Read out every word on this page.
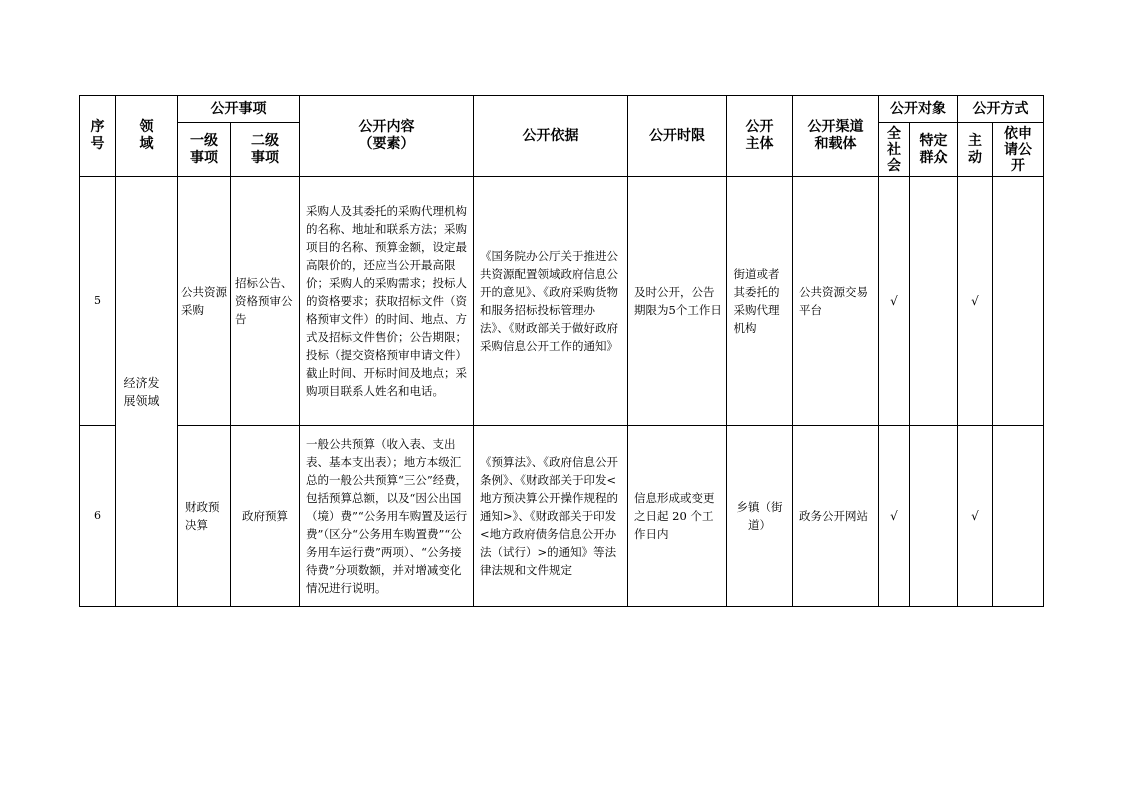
序号	领域	公开事项		公开内容（要素）	公开依据	公开时限	公开主体	公开渠道和载体	公开对象		公开方式	

		一级事项	二级事项						全社会	特定群众	主动	依申请公开

5	经济发展领域	公共资源采购	招标公告、资格预审公告	采购人及其委托的采购代理机构的名称、地址和联系方法；采购项目的名称、预算金额，设定最高限价的，还应当公开最高限价；采购人的采购需求；投标人的资格要求；获取招标文件（资格预审文件）的时间、地点、方式及招标文件售价；公告期限；投标（提交资格预审申请文件）截止时间、开标时间及地点；采购项目联系人姓名和电话。	《国务院办公厅关于推进公共资源配置领域政府信息公开的意见》、《政府采购货物和服务招标投标管理办法》、《财政部关于做好政府采购信息公开工作的通知》	及时公开，公告期限为5个工作日	街道或者其委托的采购代理机构	公共资源交易平台	√		√	
6		财政预决算	政府预算	一般公共预算（收入表、支出表、基本支出表）；地方本级汇总的一般公共预算“三公”经费，包括预算总额，以及“因公出国（境）费”“公务用车购置及运行费”（区分“公务用车购置费”“公务用车运行费”两项）、“公务接待费”分项数额，并对增减变化情况进行说明。	《预算法》、《政府信息公开条例》、《财政部关于印发<地方预决算公开操作规程的通知>》、《财政部关于印发<地方政府债务信息公开办法（试行）>的通知》等法律法规和文件规定	信息形成或变更之日起 20 个工作日内	乡镇（街道）	政务公开网站	√		√	
